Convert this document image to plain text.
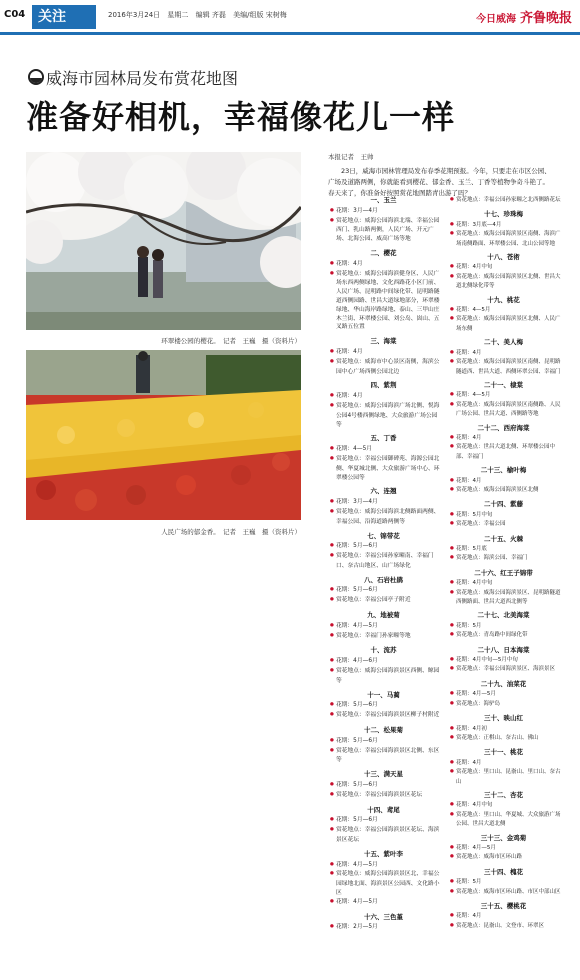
C04 关注	2016年3月24日 星期二 编辑 齐磊 美编/组版 宋树梅	今日威海 齐鲁晚报
威海市园林局发布赏花地图
准备好相机，幸福像花儿一样
环翠楼公园的樱花。　记者　王巍　摄（资料片）
人民广场的郁金香。　记者　王巍　摄（资料片）
本报记者　王帅

23日，威海市园林管理局发布春季花期预报。今年，只要走在市区公园、广场及道路两侧，你就能看到樱花、郁金香、玉兰、丁香等植物争奇斗艳了。春天来了，你准备好按照赏花地图踏青出游了吗？

一、玉兰
● 花期：3月—4月
● 赏花地点：威海公园海滨北端、幸福公园西门、乳山路两侧，人民广场、开元广场、北海公园、威高广场等地
二、樱花
● 花期：4月
● 赏花地点：威海公园海滨健身区、人民广场东西两侧绿地、文化西路花小区门前、人民广场、昆明路中间绿化带、昆明路隧道西侧园路、世昌大道绿地部分，环翠楼绿地、华山海岸路绿地、泰山、三甲山庄木兰街、环翠楼公园、刘公岛、崮山、五叉路五位置
三、海棠
● 花期：4月
● 赏花地点：威海市中心景区南侧，海滨公园中心广场西侧公园北边
四、紫荆
● 花期：4月
● 赏花地点：威海公园海滨广场北侧、悦海公园4号楼西侧绿地、大众旅游广场公园等
五、丁香
● 花期：4—5月
● 赏花地点：幸福公园御碑苑、海源公园北侧、华夏城北侧、大众旅游广场中心、环翠楼公园等
六、连翘
● 花期：3月—4月
● 赏花地点：威海公园海滨北侧路面两侧、幸福公园、沿海道路两侧等
七、锦带花
● 花期：5月—6月
● 赏花地点：幸福公园孙家疃南、幸福门口、奈古山地区、山广场绿化
八、石岩杜鹃
● 花期：5月—6月
● 赏花地点：幸福公园亭子附近
九、地被菊
● 花期：4月—5月
● 赏花地点：幸福门孙家疃等地
十、流苏
● 花期：4月—6月
● 赏花地点：威海公园海滨景区西侧、鲸园等
十一、马蔺
● 花期：5月—6月
● 赏花地点：幸福公园海滨景区柳子村附近
十二、松果菊
● 花期：5月—6月
● 赏花地点：幸福公园海滨景区北侧、东区等
十三、满天星
● 花期：5月—6月
● 赏花地点：幸福公园海滨景区花坛
十四、鸢尾
● 花期：5月—6月
● 赏花地点：幸福公园海滨景区花坛、海滨景区花坛
十五、紫叶李
● 花期：4月—5月
● 赏花地点：威海公园海滨景区北、幸福公园绿地北面、海滨景区公园西、文化路小区
● 花期：4月—5月
十六、三色堇
● 花期：2月—5月
● 赏花地点：幸福公园孙家疃之北西侧路花坛
十七、珍珠梅
● 花期：3月底—4月
● 赏花地点：威海公园海滨景区南侧、海滨广场南侧路面、环翠楼公园、北山公园等地
十八、苍術
● 花期：4月中旬
● 赏花地点：威海公园海滨景区北侧、世昌大道北侧绿化带等
十九、桃花
● 花期：4—5月
● 赏花地点：威海公园海滨景区北侧、人民广场东侧
二十、美人梅
● 花期：4月
● 赏花地点：威海公园海滨景区南侧、昆明路隧道西、世昌大道、西侧环翠公园、幸福门
二十一、棣棠
● 花期：4—5月
● 赏花地点：威海公园海滨景区南侧路、人民广场公园、世昌大道、西侧路等地
二十二、西府海棠
● 花期：4月
● 赏花地点：世昌大道北侧、环翠楼公园中部、幸福门
二十三、榆叶梅
● 花期：4月
● 赏花地点：威海公园海滨景区北侧
二十四、紫藤
● 花期：5月中旬
● 赏花地点：幸福公园
二十五、火棘
● 花期：5月底
● 赏花地点：海滨公园、幸福门
二十六、红王子锦带
● 花期：4月中旬
● 赏花地点：威海公园海滨景区、昆明路隧道西侧路面、世昌大道西北侧等
二十七、北美海棠
● 花期：5月
● 赏花地点：青岛路中间绿化带
二十八、日本海棠
● 花期：4月中旬—5月中旬
● 赏花地点：幸福公园海滨景区、海滨景区
二十九、油菜花
● 花期：4月—5月
● 赏花地点：海驴岛
三十、映山红
● 花期：4月初
● 赏花地点：正棋山、奈古山、佛山
三十一、桃花
● 花期：4月
● 赏花地点：里口山、昆嵛山、里口山、奈古山
三十二、杏花
● 花期：4月中旬
● 赏花地点：里口山、华夏城、大众旅游广场公园、世昌大道北侧
三十三、金鸡菊
● 花期：4月—5月
● 赏花地点：威海市区环山路
三十四、槐花
● 花期：5月
● 赏花地点：威海市区环山路、市区中部山区
三十五、樱桃花
● 花期：4月
● 赏花地点：昆嵛山、文登市、环翠区
